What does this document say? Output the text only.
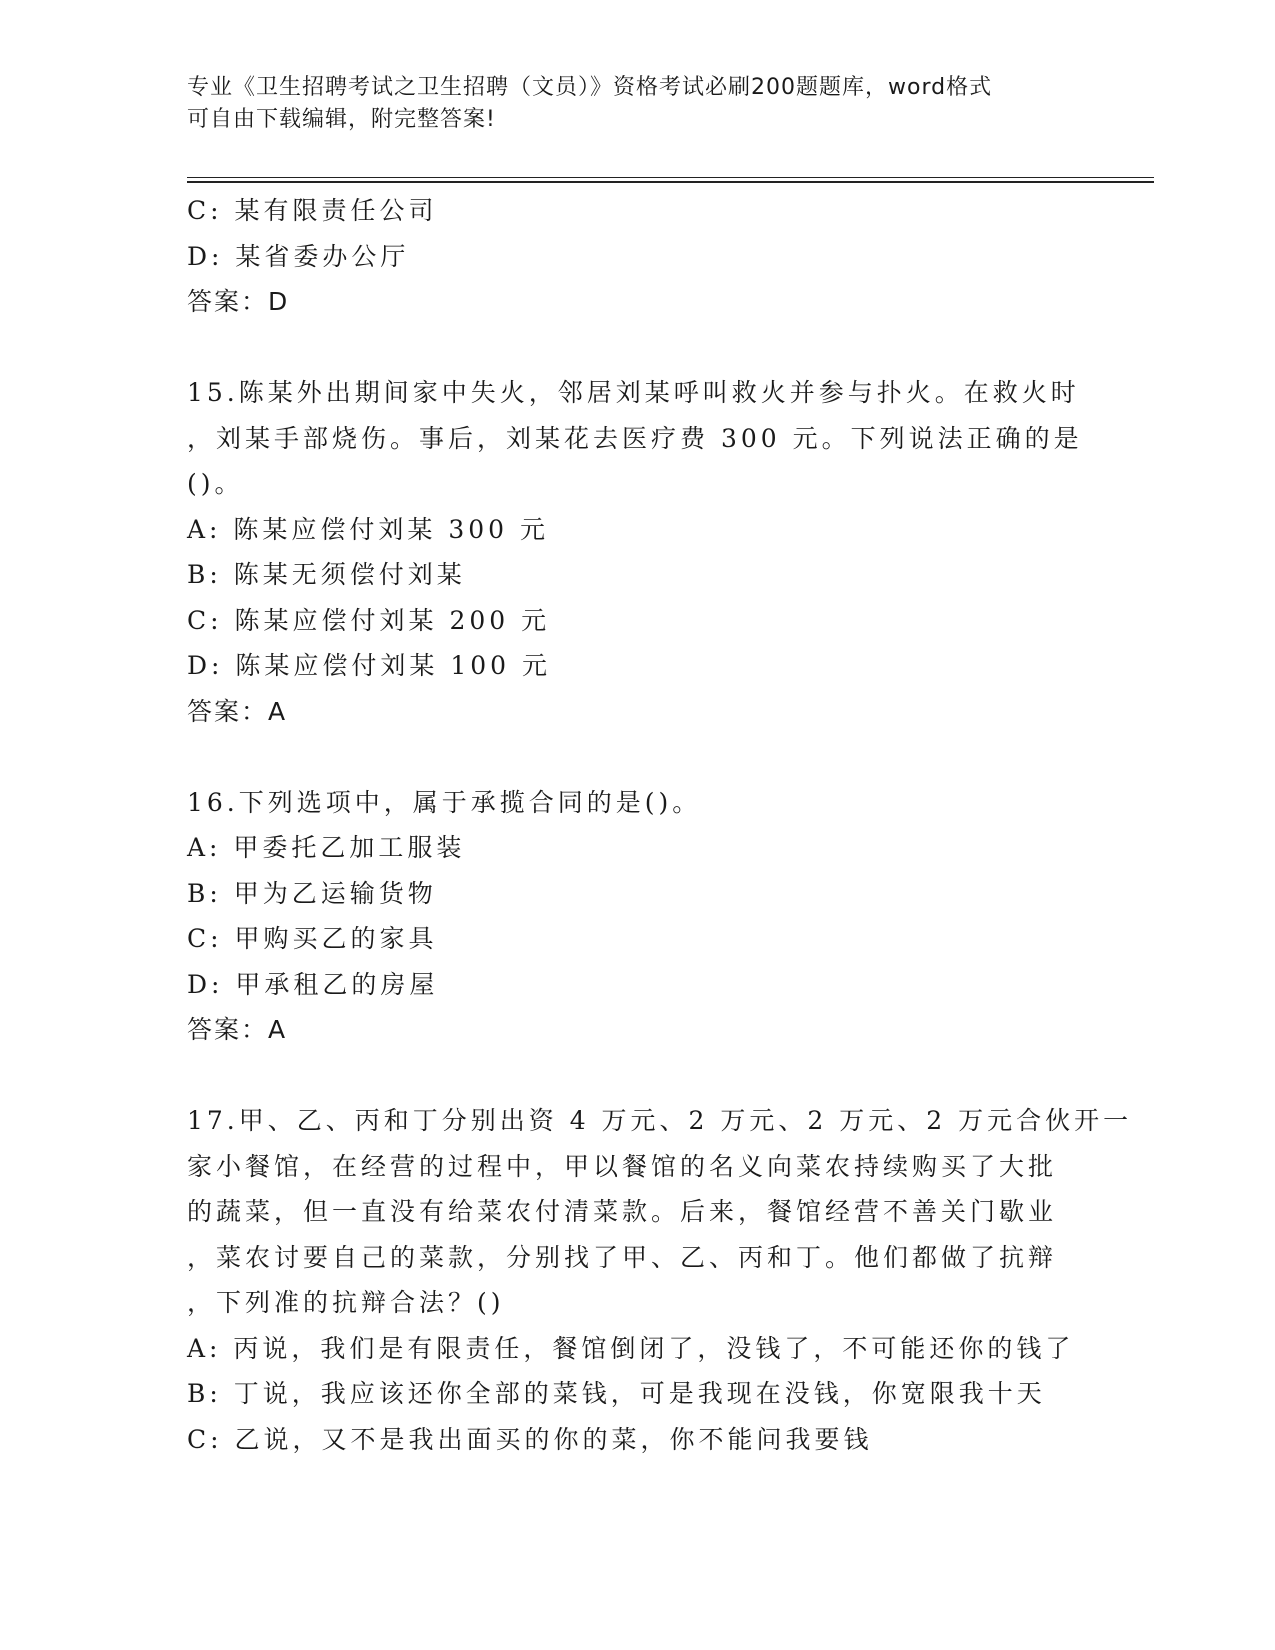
专业《卫生招聘考试之卫生招聘（文员）》资格考试必刷200题题库，word格式
可自由下载编辑，附完整答案!
C: 某有限责任公司
D: 某省委办公厅
答案：D
15.陈某外出期间家中失火，邻居刘某呼叫救火并参与扑火。在救火时
，刘某手部烧伤。事后，刘某花去医疗费 300 元。下列说法正确的是
()。
A: 陈某应偿付刘某 300 元
B: 陈某无须偿付刘某
C: 陈某应偿付刘某 200 元
D: 陈某应偿付刘某 100 元
答案：A
16.下列选项中，属于承揽合同的是()。
A: 甲委托乙加工服装
B: 甲为乙运输货物
C: 甲购买乙的家具
D: 甲承租乙的房屋
答案：A
17.甲、乙、丙和丁分别出资 4 万元、2 万元、2 万元、2 万元合伙开一
家小餐馆，在经营的过程中，甲以餐馆的名义向菜农持续购买了大批
的蔬菜，但一直没有给菜农付清菜款。后来，餐馆经营不善关门歇业
，菜农讨要自己的菜款，分别找了甲、乙、丙和丁。他们都做了抗辩
，下列准的抗辩合法？()
A: 丙说，我们是有限责任，餐馆倒闭了，没钱了，不可能还你的钱了
B: 丁说，我应该还你全部的菜钱，可是我现在没钱，你宽限我十天
C: 乙说，又不是我出面买的你的菜，你不能问我要钱
